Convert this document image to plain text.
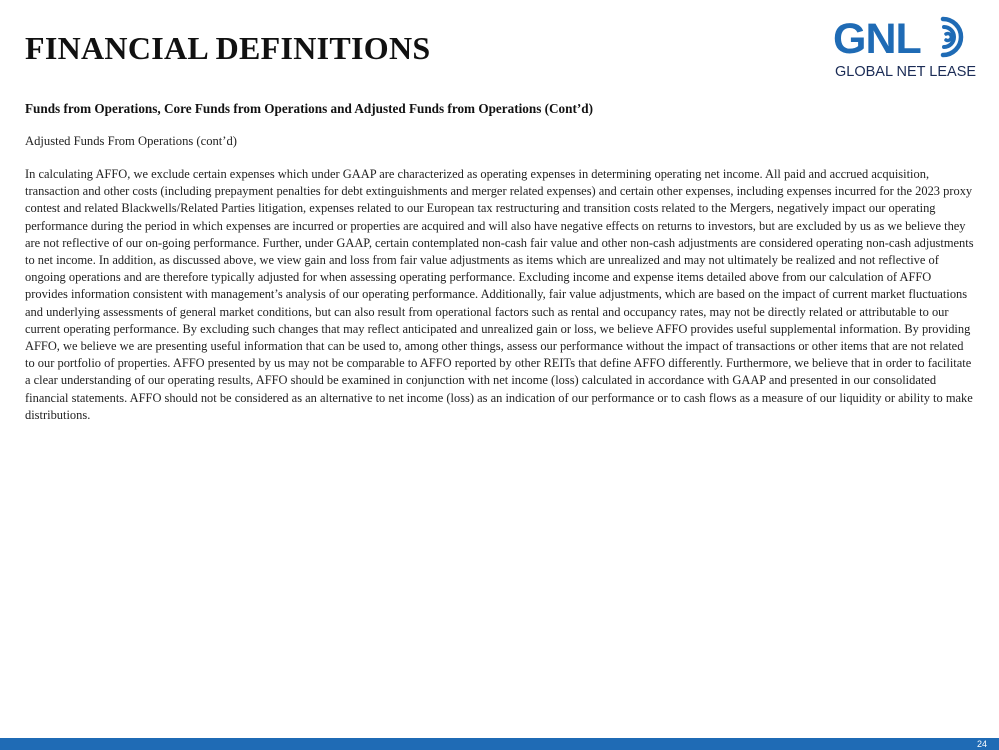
FINANCIAL DEFINITIONS	GNL
GLOBAL NET LEASE
Funds from Operations, Core Funds from Operations and Adjusted Funds from Operations (Cont’d)

Adjusted Funds From Operations (cont’d)

In calculating AFFO, we exclude certain expenses which under GAAP are characterized as operating expenses in determining operating net income. All paid and accrued acquisition, transaction and other costs (including prepayment penalties for debt extinguishments and merger related expenses) and certain other expenses, including expenses incurred for the 2023 proxy contest and related Blackwells/Related Parties litigation, expenses related to our European tax restructuring and transition costs related to the Mergers, negatively impact our operating performance during the period in which expenses are incurred or properties are acquired and will also have negative effects on returns to investors, but are excluded by us as we believe they are not reflective of our on-going performance. Further, under GAAP, certain contemplated non-cash fair value and other non-cash adjustments are considered operating non-cash adjustments to net income. In addition, as discussed above, we view gain and loss from fair value adjustments as items which are unrealized and may not ultimately be realized and not reflective of ongoing operations and are therefore typically adjusted for when assessing operating performance. Excluding income and expense items detailed above from our calculation of AFFO provides information consistent with management’s analysis of our operating performance. Additionally, fair value adjustments, which are based on the impact of current market fluctuations and underlying assessments of general market conditions, but can also result from operational factors such as rental and occupancy rates, may not be directly related or attributable to our current operating performance. By excluding such changes that may reflect anticipated and unrealized gain or loss, we believe AFFO provides useful supplemental information. By providing AFFO, we believe we are presenting useful information that can be used to, among other things, assess our performance without the impact of transactions or other items that are not related to our portfolio of properties. AFFO presented by us may not be comparable to AFFO reported by other REITs that define AFFO differently. Furthermore, we believe that in order to facilitate a clear understanding of our operating results, AFFO should be examined in conjunction with net income (loss) calculated in accordance with GAAP and presented in our consolidated financial statements. AFFO should not be considered as an alternative to net income (loss) as an indication of our performance or to cash flows as a measure of our liquidity or ability to make distributions.

24
